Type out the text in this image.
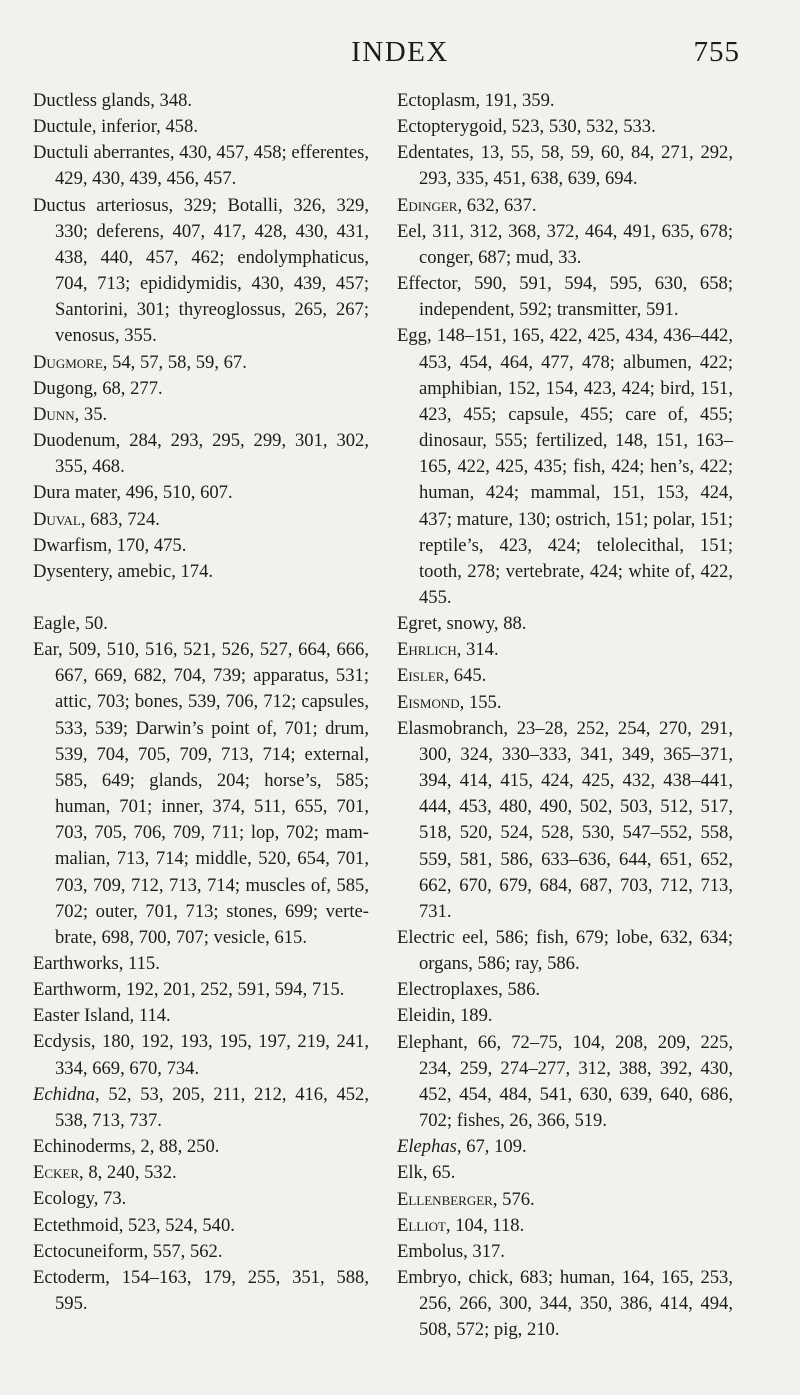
INDEX	755
Ductless glands, 348.
Ductule, inferior, 458.
Ductuli aberrantes, 430, 457, 458; efferentes, 429, 430, 439, 456, 457.
Ductus arteriosus, 329; Botalli, 326, 329, 330; deferens, 407, 417, 428, 430, 431, 438, 440, 457, 462; endolymphaticus, 704, 713; epididymidis, 430, 439, 457; Santorini, 301; thyreoglossus, 265, 267; venosus, 355.
Dugmore, 54, 57, 58, 59, 67.
Dugong, 68, 277.
Dunn, 35.
Duodenum, 284, 293, 295, 299, 301, 302, 355, 468.
Dura mater, 496, 510, 607.
Duval, 683, 724.
Dwarfism, 170, 475.
Dysentery, amebic, 174.
Eagle, 50.
Ear, 509, 510, 516, 521, 526, 527, 664, 666, 667, 669, 682, 704, 739; apparatus, 531; attic, 703; bones, 539, 706, 712; capsules, 533, 539; Darwin’s point of, 701; drum, 539, 704, 705, 709, 713, 714; external, 585, 649; glands, 204; horse’s, 585; human, 701; inner, 374, 511, 655, 701, 703, 705, 706, 709, 711; lop, 702; mammalian, 713, 714; middle, 520, 654, 701, 703, 709, 712, 713, 714; muscles of, 585, 702; outer, 701, 713; stones, 699; vertebrate, 698, 700, 707; vesicle, 615.
Earthworks, 115.
Earthworm, 192, 201, 252, 591, 594, 715.
Easter Island, 114.
Ecdysis, 180, 192, 193, 195, 197, 219, 241, 334, 669, 670, 734.
Echidna, 52, 53, 205, 211, 212, 416, 452, 538, 713, 737.
Echinoderms, 2, 88, 250.
Ecker, 8, 240, 532.
Ecology, 73.
Ectethmoid, 523, 524, 540.
Ectocuneiform, 557, 562.
Ectoderm, 154–163, 179, 255, 351, 588, 595.
Ectoplasm, 191, 359.
Ectopterygoid, 523, 530, 532, 533.
Edentates, 13, 55, 58, 59, 60, 84, 271, 292, 293, 335, 451, 638, 639, 694.
Edinger, 632, 637.
Eel, 311, 312, 368, 372, 464, 491, 635, 678; conger, 687; mud, 33.
Effector, 590, 591, 594, 595, 630, 658; independent, 592; transmitter, 591.
Egg, 148–151, 165, 422, 425, 434, 436–442, 453, 454, 464, 477, 478; albumen, 422; amphibian, 152, 154, 423, 424; bird, 151, 423, 455; capsule, 455; care of, 455; dinosaur, 555; fertilized, 148, 151, 163–165, 422, 425, 435; fish, 424; hen’s, 422; human, 424; mammal, 151, 153, 424, 437; mature, 130; ostrich, 151; polar, 151; reptile’s, 423, 424; telolecithal, 151; tooth, 278; vertebrate, 424; white of, 422, 455.
Egret, snowy, 88.
Ehrlich, 314.
Eisler, 645.
Eismond, 155.
Elasmobranch, 23–28, 252, 254, 270, 291, 300, 324, 330–333, 341, 349, 365–371, 394, 414, 415, 424, 425, 432, 438–441, 444, 453, 480, 490, 502, 503, 512, 517, 518, 520, 524, 528, 530, 547–552, 558, 559, 581, 586, 633–636, 644, 651, 652, 662, 670, 679, 684, 687, 703, 712, 713, 731.
Electric eel, 586; fish, 679; lobe, 632, 634; organs, 586; ray, 586.
Electroplaxes, 586.
Eleidin, 189.
Elephant, 66, 72–75, 104, 208, 209, 225, 234, 259, 274–277, 312, 388, 392, 430, 452, 454, 484, 541, 630, 639, 640, 686, 702; fishes, 26, 366, 519.
Elephas, 67, 109.
Elk, 65.
Ellenberger, 576.
Elliot, 104, 118.
Embolus, 317.
Embryo, chick, 683; human, 164, 165, 253, 256, 266, 300, 344, 350, 386, 414, 494, 508, 572; pig, 210.
